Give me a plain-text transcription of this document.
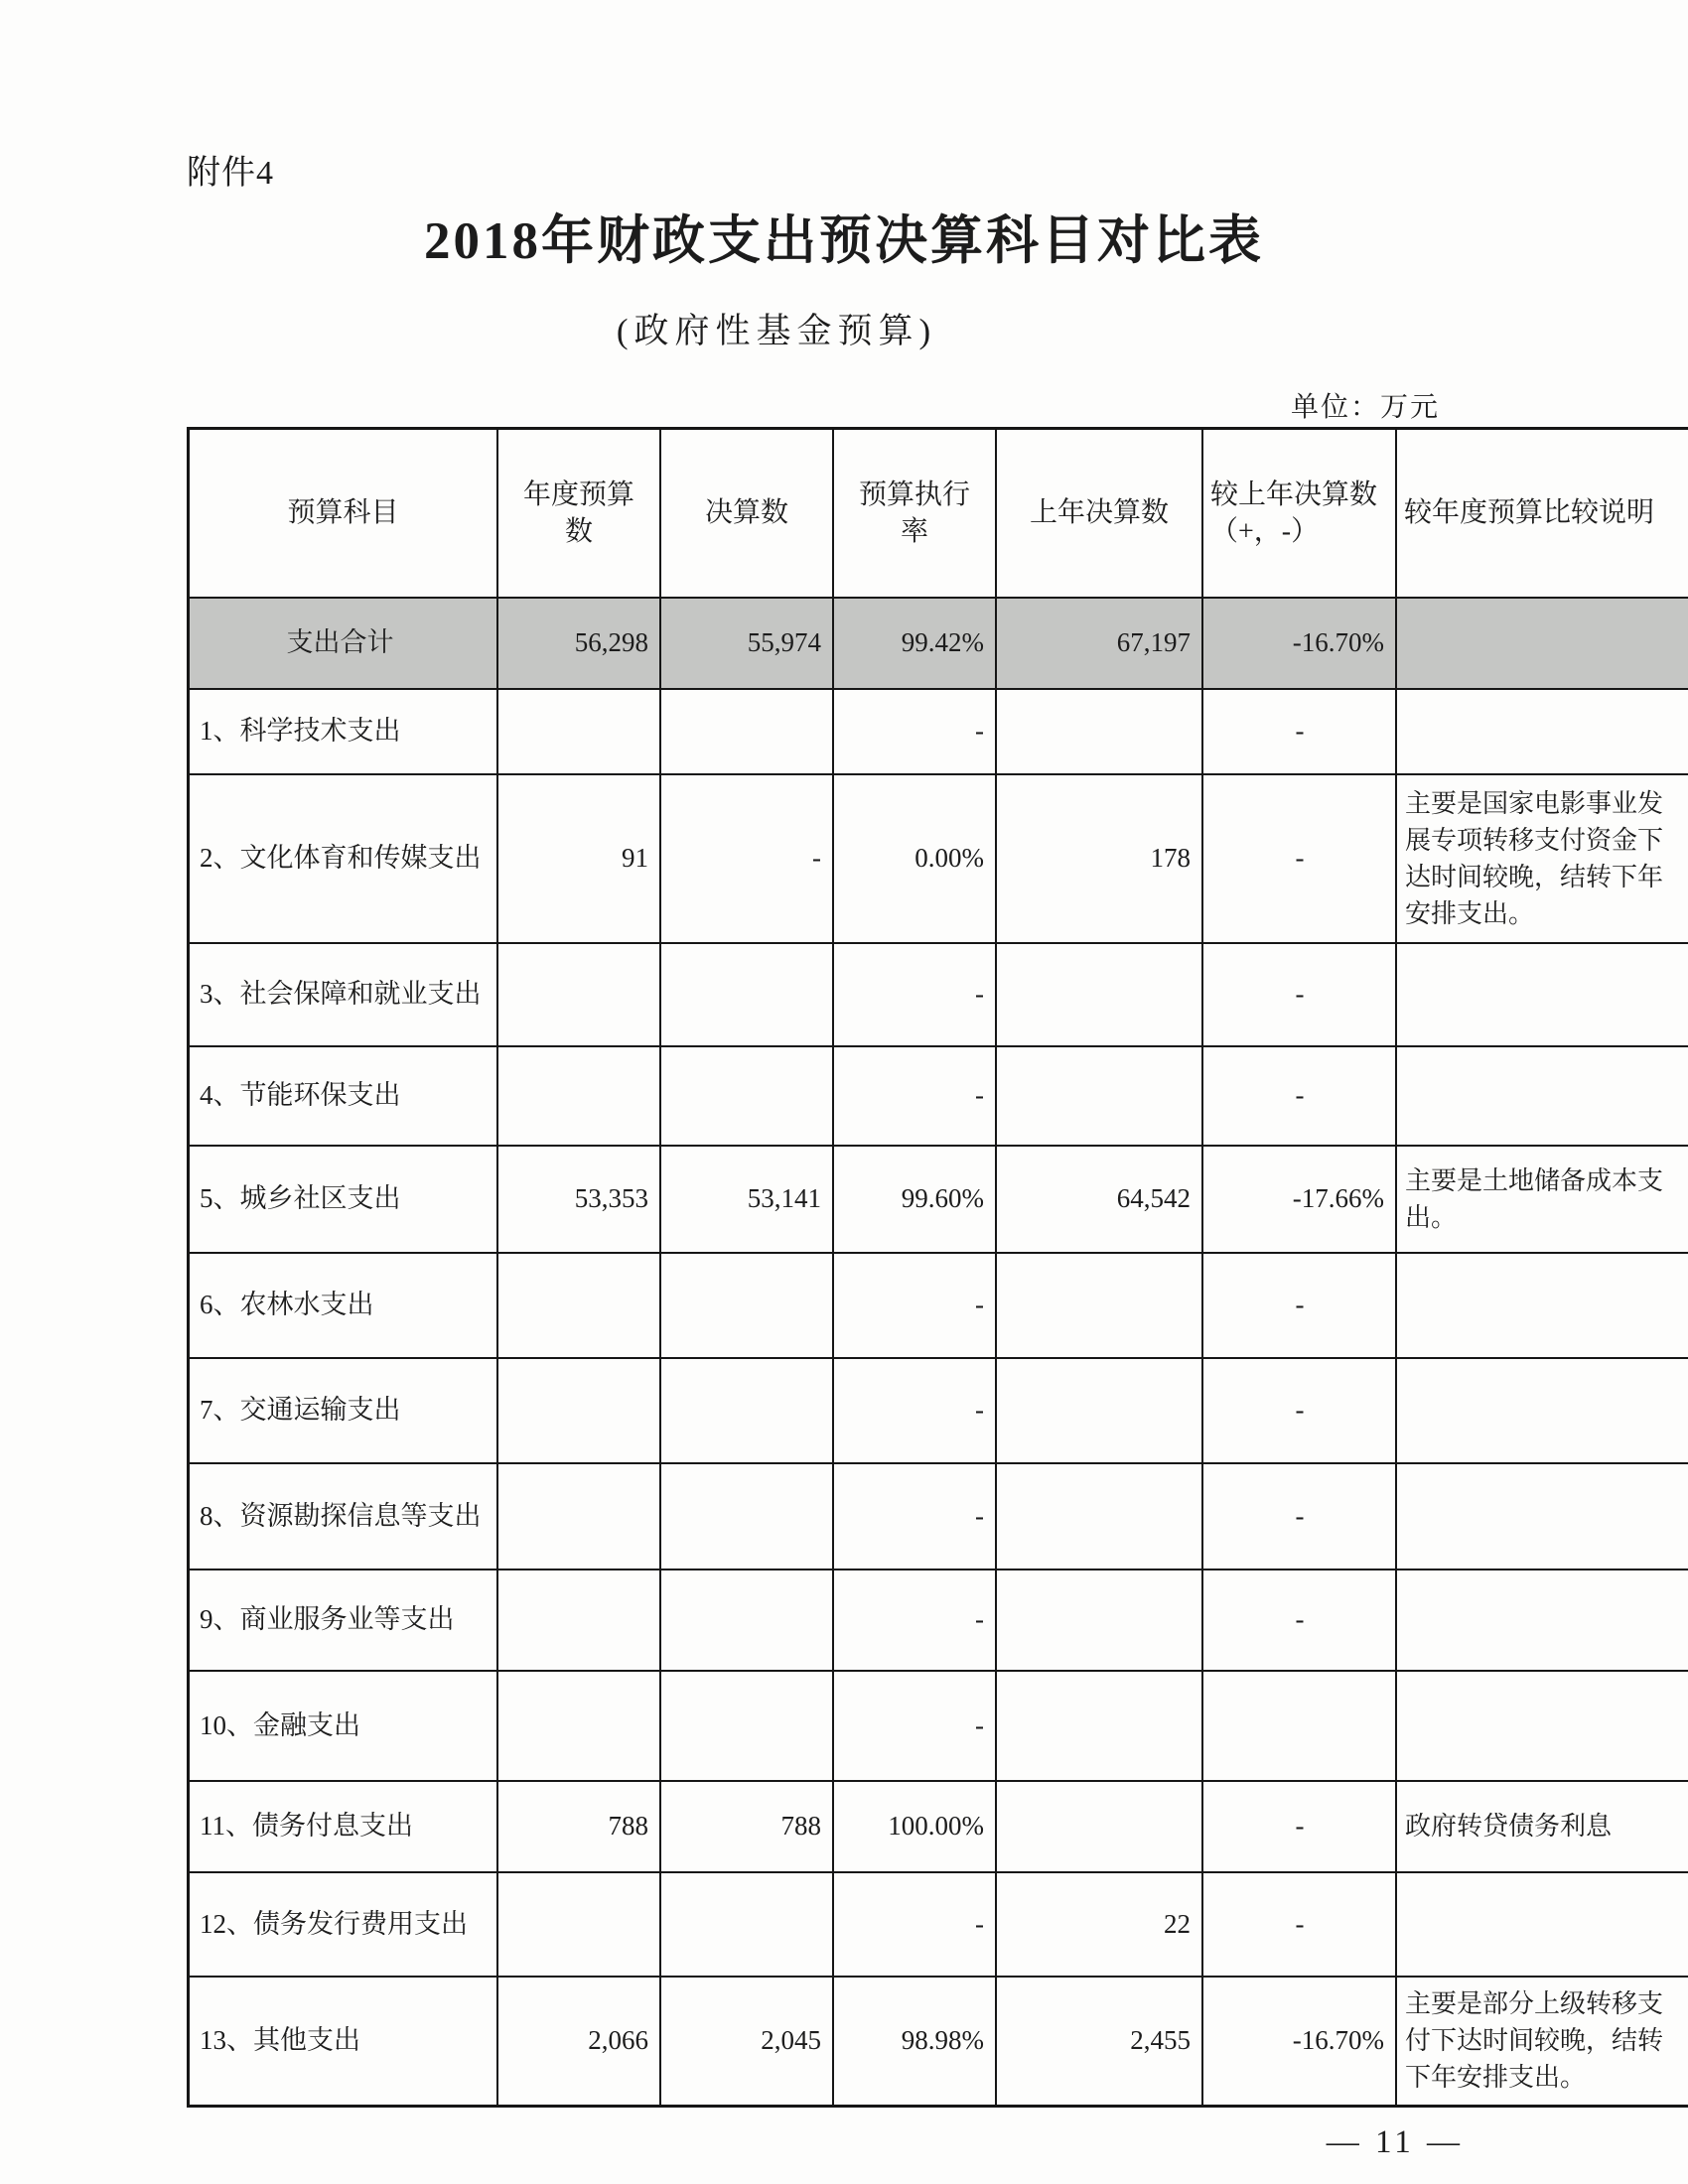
附件4
2018年财政支出预决算科目对比表
(政府性基金预算)
单位：万元
预算科目	年度预算数	决算数	预算执行率	上年决算数	较上年决算数（+，-）	较年度预算比较说明
支出合计	56,298	55,974	99.42%	67,197	-16.70%	
1、科学技术支出			-		-	
2、文化体育和传媒支出	91	-	0.00%	178	-	主要是国家电影事业发展专项转移支付资金下达时间较晚，结转下年安排支出。
3、社会保障和就业支出			-		-	
4、节能环保支出			-		-	
5、城乡社区支出	53,353	53,141	99.60%	64,542	-17.66%	主要是土地储备成本支出。
6、农林水支出			-		-	
7、交通运输支出			-		-	
8、资源勘探信息等支出			-		-	
9、商业服务业等支出			-		-	
10、金融支出			-			
11、债务付息支出	788	788	100.00%		-	政府转贷债务利息
12、债务发行费用支出			-	22	-	
13、其他支出	2,066	2,045	98.98%	2,455	-16.70%	主要是部分上级转移支付下达时间较晚，结转下年安排支出。
— 11 —
